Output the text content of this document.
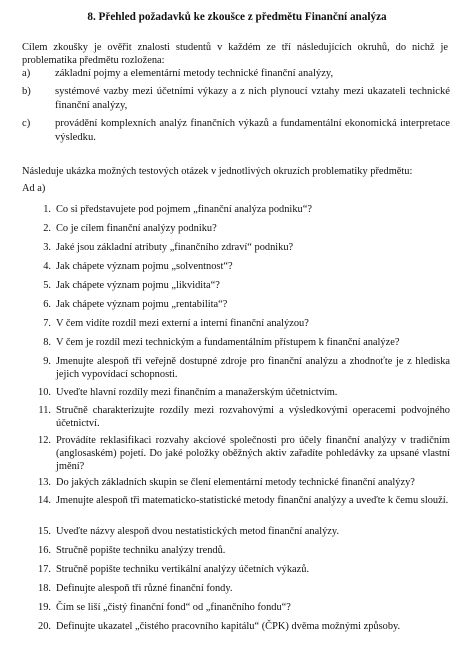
8. Přehled požadavků ke zkoušce z předmětu Finanční analýza
Cílem zkoušky je ověřit znalosti studentů v každém ze tří následujících okruhů, do nichž je problematika předmětu rozložena:
a)	základní pojmy a elementární metody technické finanční analýzy,
b)	systémové vazby mezi účetními výkazy a z nich plynoucí vztahy mezi ukazateli technické finanční analýzy,
c)	provádění komplexních analýz finančních výkazů a fundamentální ekonomická interpretace výsledku.
Následuje ukázka možných testových otázek v jednotlivých okruzích problematiky předmětu:
Ad a)
1. Co si představujete pod pojmem „finanční analýza podniku“?
2. Co je cílem finanční analýzy podniku?
3. Jaké jsou základní atributy „finančního zdraví“ podniku?
4. Jak chápete význam pojmu „solventnost“?
5. Jak chápete význam pojmu „likvidita“?
6. Jak chápete význam pojmu „rentabilita“?
7. V čem vidíte rozdíl mezi externí a interní finanční analýzou?
8. V čem je rozdíl mezi technickým a fundamentálním přístupem k finanční analýze?
9. Jmenujte alespoň tři veřejně dostupné zdroje pro finanční analýzu a zhodnoťte je z hlediska jejich vypovídací schopnosti.
10. Uveďte hlavní rozdíly mezi finančním a manažerským účetnictvím.
11. Stručně charakterizujte rozdíly mezi rozvahovými a výsledkovými operacemi podvojného účetnictví.
12. Provádíte reklasifikaci rozvahy akciové společnosti pro účely finanční analýzy v tradičním (anglosaském) pojetí. Do jaké položky oběžných aktiv zařadíte pohledávky za upsané vlastní jmění?
13. Do jakých základních skupin se člení elementární metody technické finanční analýzy?
14. Jmenujte alespoň tři matematicko-statistické metody finanční analýzy a uveďte k čemu slouží.
15. Uveďte názvy alespoň dvou nestatistických metod finanční analýzy.
16. Stručně popište techniku analýzy trendů.
17. Stručně popište techniku vertikální analýzy účetních výkazů.
18. Definujte alespoň tři různé finanční fondy.
19. Čím se liší „čistý finanční fond“ od „finančního fondu“?
20. Definujte ukazatel „čistého pracovního kapitálu“ (ČPK) dvěma možnými způsoby.
